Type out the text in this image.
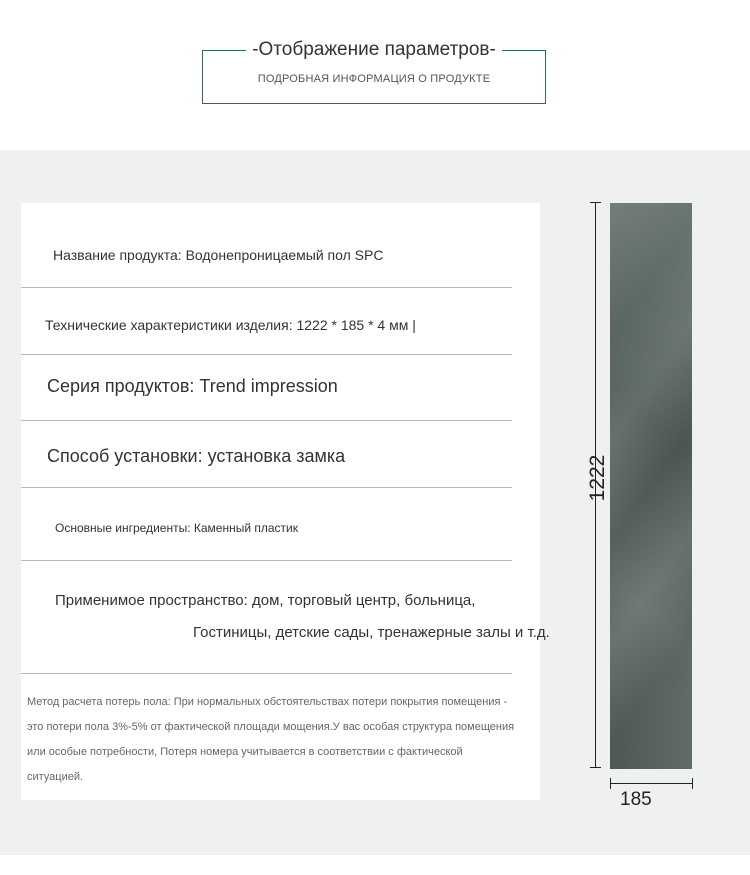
-Отображение параметров-
ПОДРОБНАЯ ИНФОРМАЦИЯ О ПРОДУКТЕ
Название продукта: Водонепроницаемый пол SPC
Технические характеристики изделия: 1222 * 185 * 4 мм |
Серия продуктов: Trend impression
Способ установки: установка замка
Основные ингредиенты: Каменный пластик
Применимое пространство: дом, торговый центр, больница,
Гостиницы, детские сады, тренажерные залы и т.д.
1222
185
Метод расчета потерь пола: При нормальных обстоятельствах потери покрытия помещения - это потери пола 3%-5% от фактической площади мощения.У вас особая структура помещения или особые потребности, Потеря номера учитывается в соответствии с фактической ситуацией.
